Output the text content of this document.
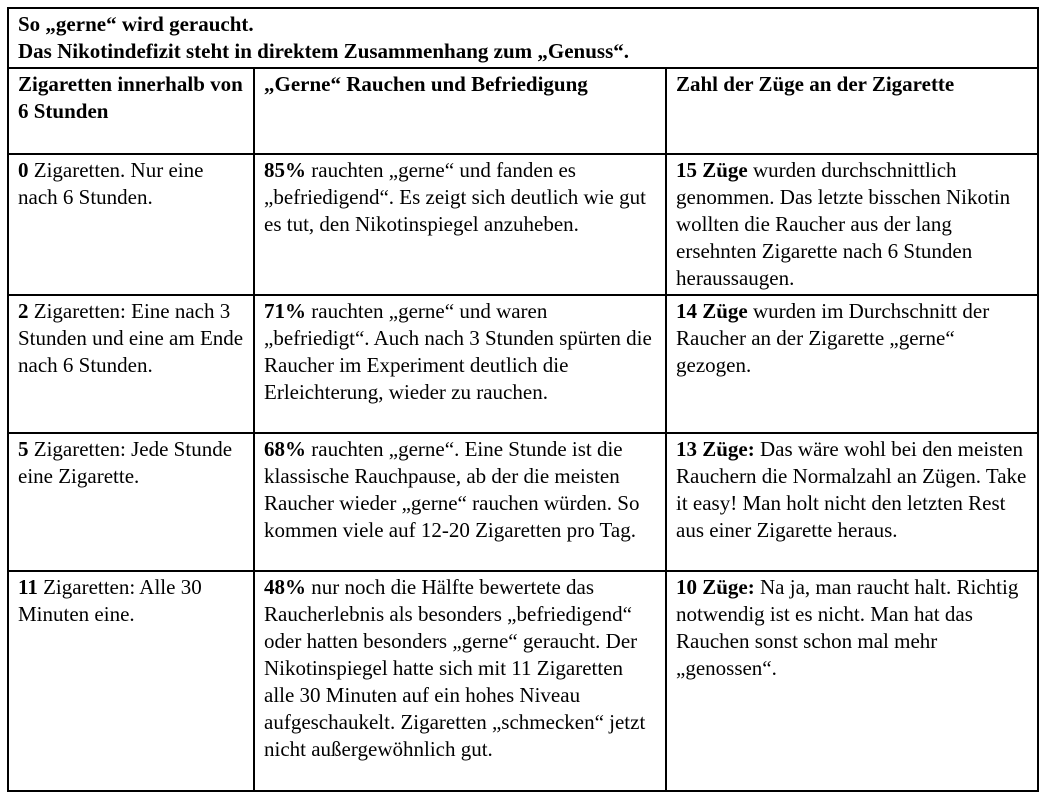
So „gerne“ wird geraucht.
Das Nikotindefizit steht in direktem Zusammenhang zum „Genuss“.		

Zigaretten innerhalb von 6 Stunden	„Gerne“ Rauchen und Befriedigung	Zahl der Züge an der Zigarette
0 Zigaretten. Nur eine nach 6 Stunden.	85% rauchten „gerne“ und fanden es „befriedigend“. Es zeigt sich deutlich wie gut es tut, den Nikotinspiegel anzuheben.	15 Züge wurden durchschnittlich genommen. Das letzte bisschen Nikotin wollten die Raucher aus der lang ersehnten Zigarette nach 6 Stunden heraussaugen.
2 Zigaretten: Eine nach 3 Stunden und eine am Ende nach 6 Stunden.	71% rauchten „gerne“ und waren „befriedigt“. Auch nach 3 Stunden spürten die Raucher im Experiment deutlich die Erleichterung, wieder zu rauchen.	14 Züge wurden im Durchschnitt der Raucher an der Zigarette „gerne“ gezogen.
5 Zigaretten: Jede Stunde eine Zigarette.	68% rauchten „gerne“. Eine Stunde ist die klassische Rauchpause, ab der die meisten Raucher wieder „gerne“ rauchen würden. So kommen viele auf 12-20 Zigaretten pro Tag.	13 Züge: Das wäre wohl bei den meisten Rauchern die Normalzahl an Zügen. Take it easy! Man holt nicht den letzten Rest aus einer Zigarette heraus.
11 Zigaretten: Alle 30 Minuten eine.	48% nur noch die Hälfte bewertete das Raucherlebnis als besonders „befriedigend“ oder hatten besonders „gerne“ geraucht. Der Nikotinspiegel hatte sich mit 11 Zigaretten alle 30 Minuten auf ein hohes Niveau aufgeschaukelt. Zigaretten „schmecken“ jetzt nicht außergewöhnlich gut.	10 Züge: Na ja, man raucht halt. Richtig notwendig ist es nicht. Man hat das Rauchen sonst schon mal mehr „genossen“.
